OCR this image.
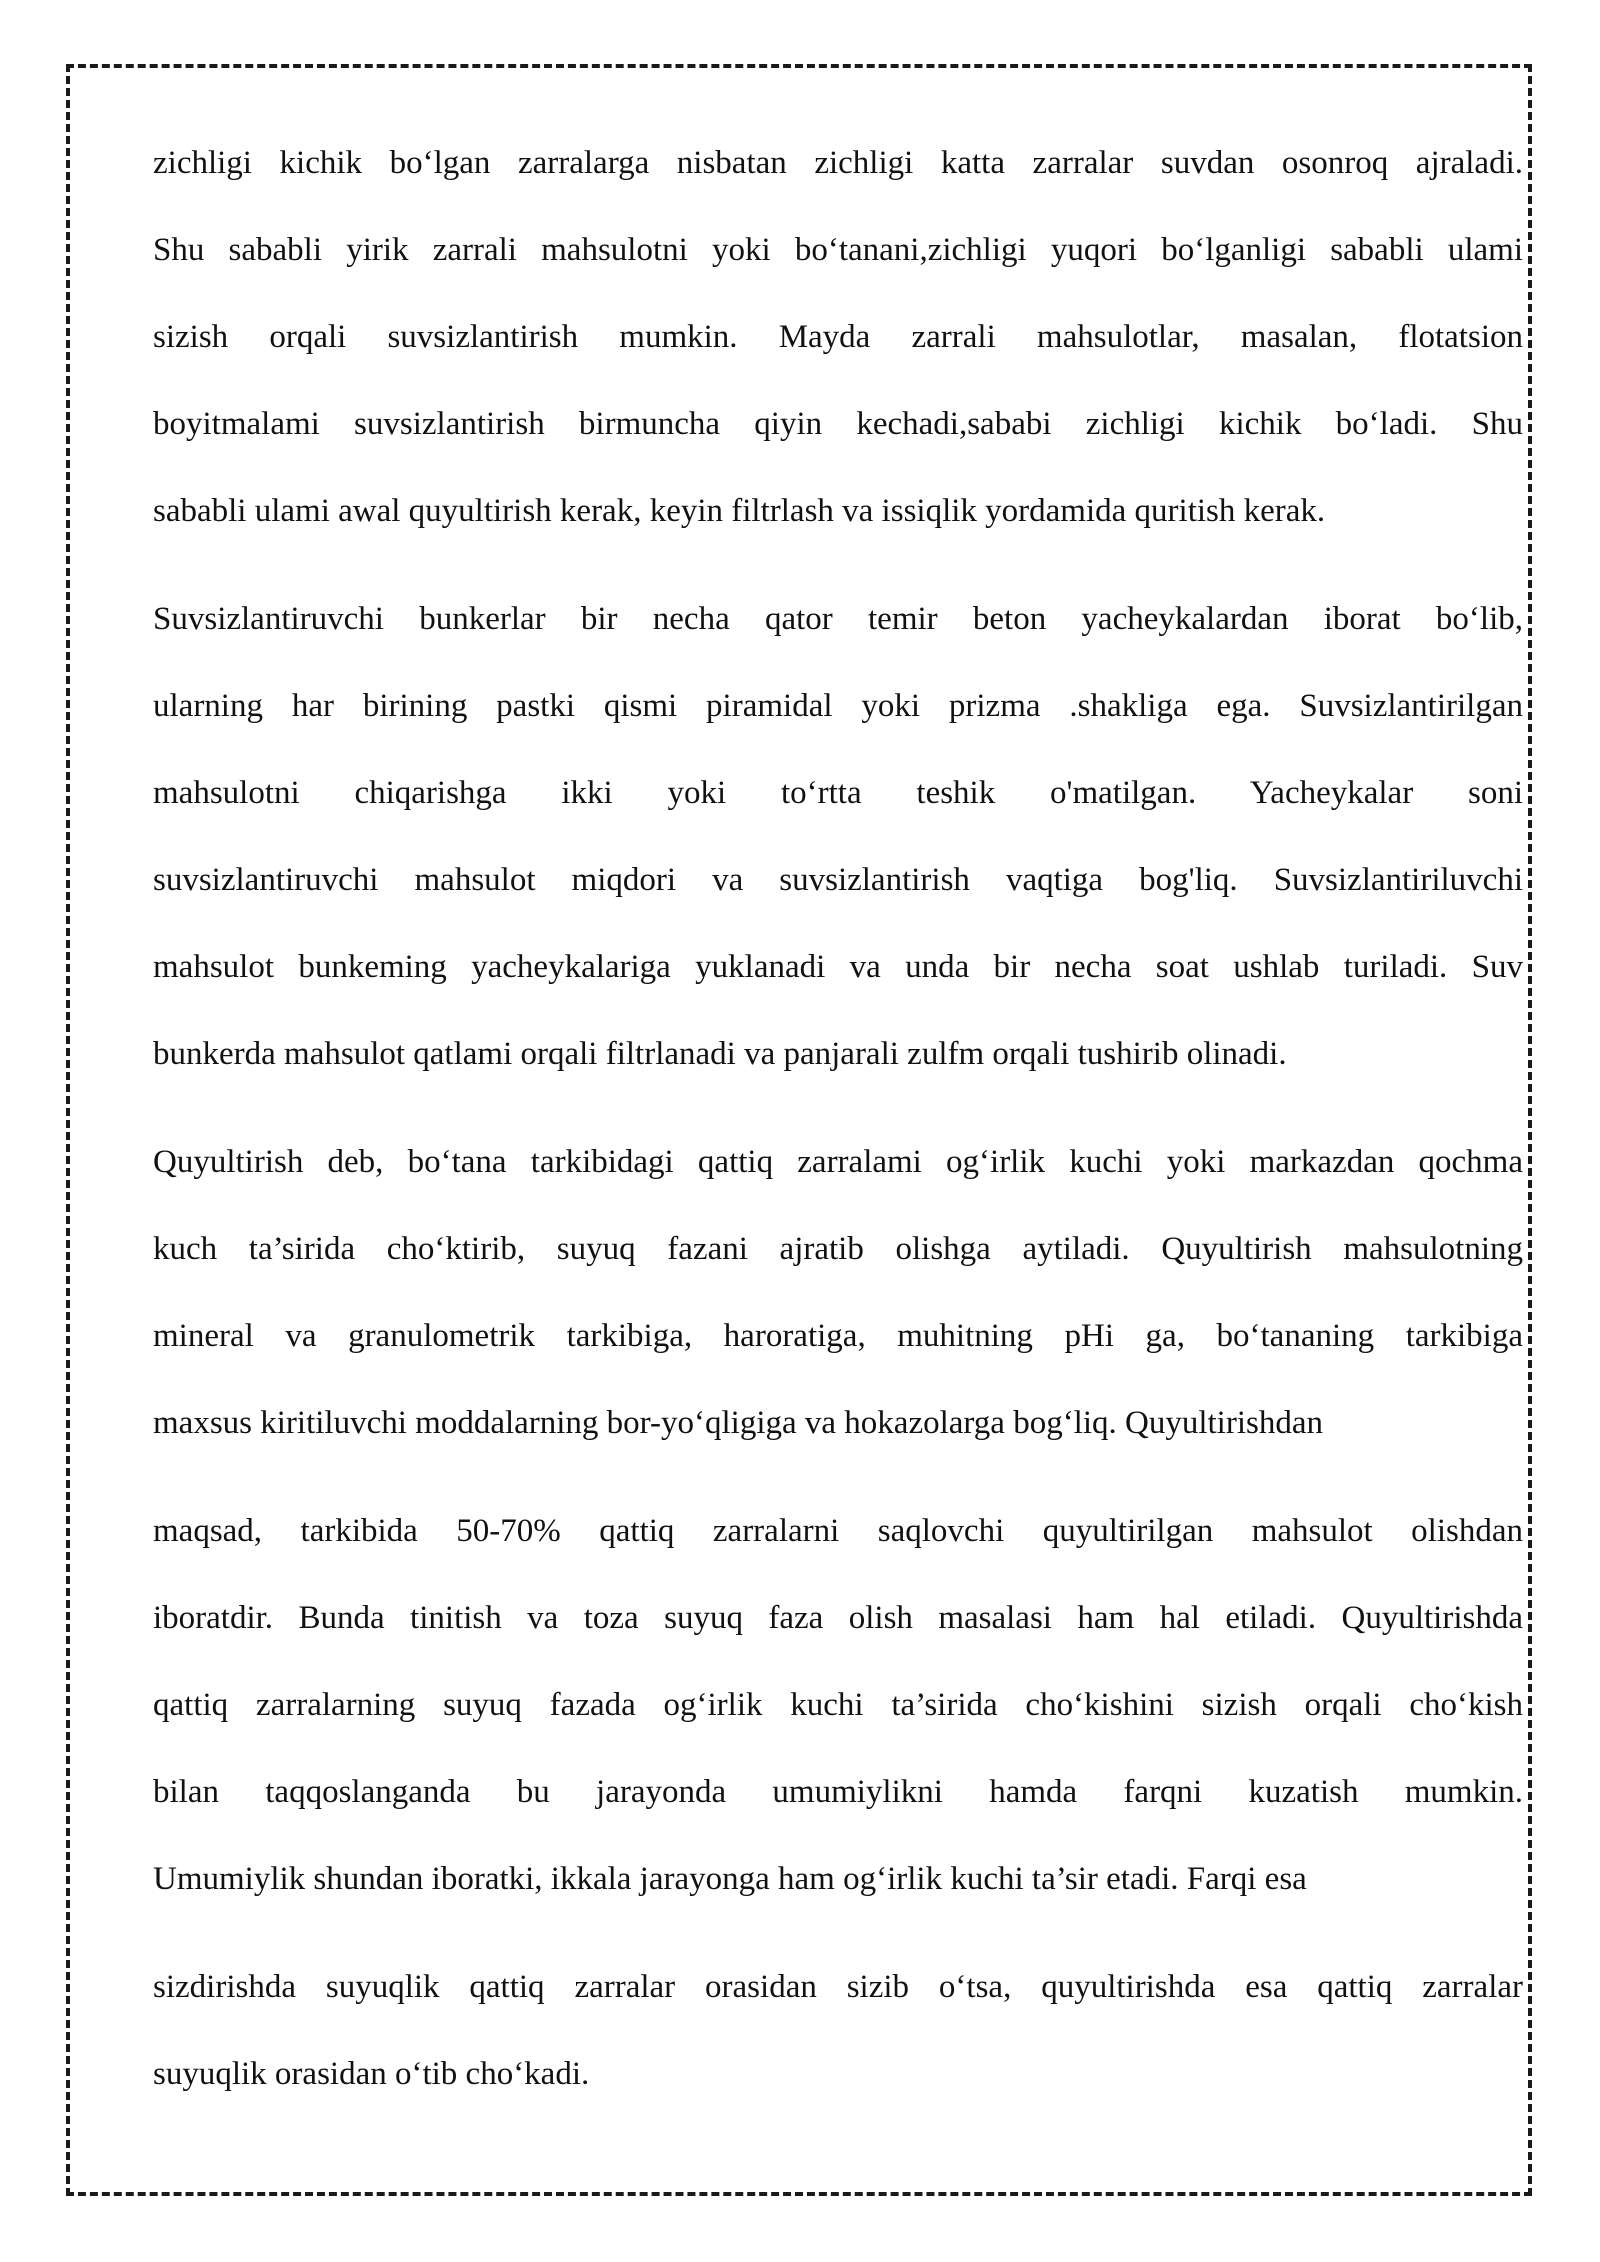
zichligi kichik bo‘lgan zarralarga nisbatan zichligi katta zarralar suvdan osonroq ajraladi.
Shu sababli yirik zarrali mahsulotni yoki bo‘tanani,zichligi yuqori bo‘lganligi sababli ulami
sizish orqali suvsizlantirish mumkin. Mayda zarrali mahsulotlar, masalan, flotatsion
boyitmalami suvsizlantirish birmuncha qiyin kechadi,sababi zichligi kichik bo‘ladi. Shu
sababli ulami awal quyultirish kerak, keyin filtrlash va issiqlik yordamida quritish kerak.
Suvsizlantiruvchi bunkerlar bir necha qator temir beton yacheykalardan iborat bo‘lib,
ularning har birining pastki qismi piramidal yoki prizma .shakliga ega. Suvsizlantirilgan
mahsulotni chiqarishga ikki yoki to‘rtta teshik o'matilgan. Yacheykalar soni
suvsizlantiruvchi mahsulot miqdori va suvsizlantirish vaqtiga bog'liq. Suvsizlantiriluvchi
mahsulot bunkeming yacheykalariga yuklanadi va unda bir necha soat ushlab turiladi. Suv
bunkerda mahsulot qatlami orqali filtrlanadi va panjarali zulfm orqali tushirib olinadi.
Quyultirish deb, bo‘tana tarkibidagi qattiq zarralami og‘irlik kuchi yoki markazdan qochma
kuch ta’sirida cho‘ktirib, suyuq fazani ajratib olishga aytiladi. Quyultirish mahsulotning
mineral va granulometrik tarkibiga, haroratiga, muhitning pHi ga, bo‘tananing tarkibiga
maxsus kiritiluvchi moddalarning bor-yo‘qligiga va hokazolarga bog‘liq. Quyultirishdan
maqsad, tarkibida 50-70% qattiq zarralarni saqlovchi quyultirilgan mahsulot olishdan
iboratdir. Bunda tinitish va toza suyuq faza olish masalasi ham hal etiladi. Quyultirishda
qattiq zarralarning suyuq fazada og‘irlik kuchi ta’sirida cho‘kishini sizish orqali cho‘kish
bilan taqqoslanganda bu jarayonda umumiylikni hamda farqni kuzatish mumkin.
Umumiylik shundan iboratki, ikkala jarayonga ham og‘irlik kuchi ta’sir etadi. Farqi esa
sizdirishda suyuqlik qattiq zarralar orasidan sizib o‘tsa, quyultirishda esa qattiq zarralar
suyuqlik orasidan o‘tib cho‘kadi.
